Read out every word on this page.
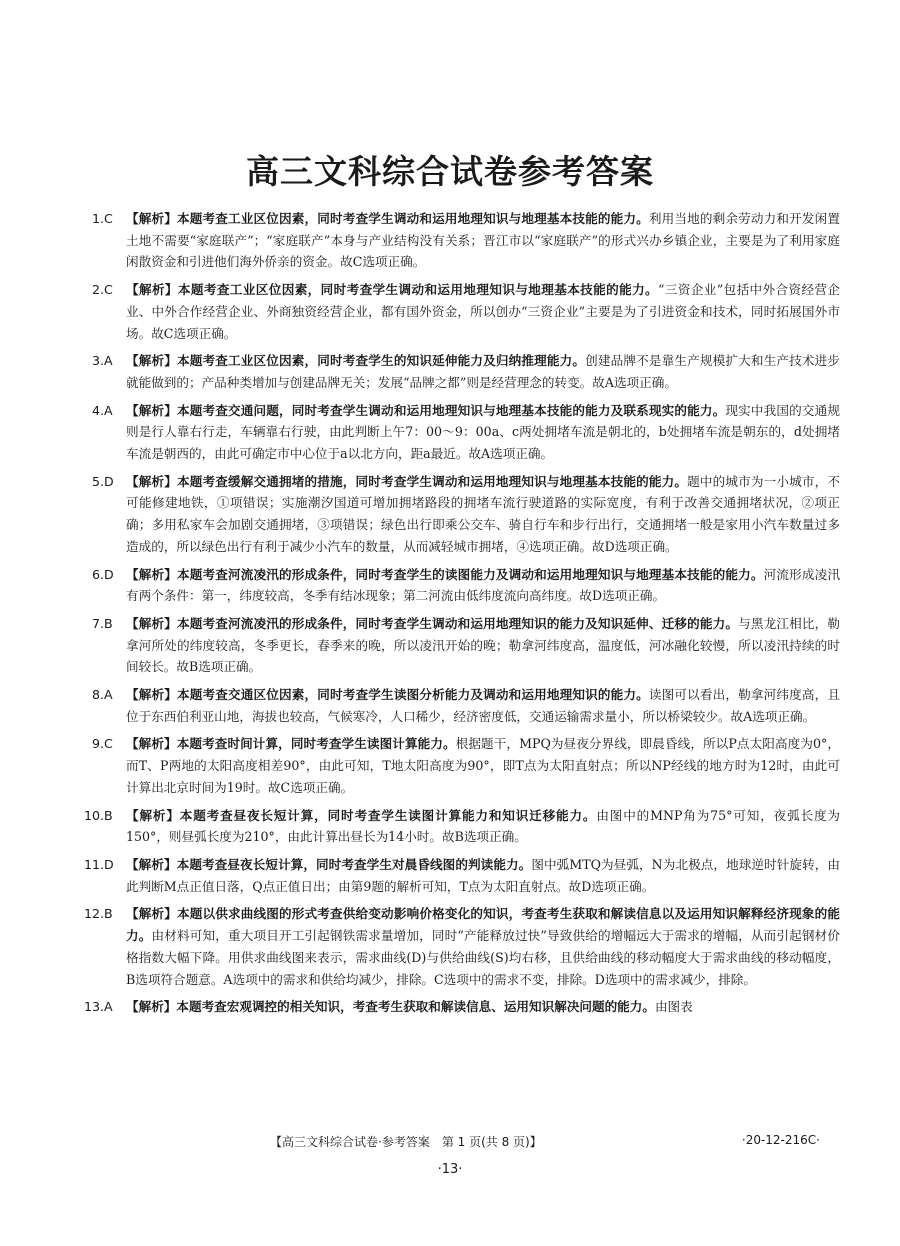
高三文科综合试卷参考答案
1.C	【解析】本题考查工业区位因素，同时考查学生调动和运用地理知识与地理基本技能的能力。利用当地的剩余劳动力和开发闲置土地不需要“家庭联产”；“家庭联产”本身与产业结构没有关系；晋江市以“家庭联产”的形式兴办乡镇企业，主要是为了利用家庭闲散资金和引进他们海外侨亲的资金。故C选项正确。
2.C	【解析】本题考查工业区位因素，同时考查学生调动和运用地理知识与地理基本技能的能力。“三资企业”包括中外合资经营企业、中外合作经营企业、外商独资经营企业，都有国外资金，所以创办“三资企业”主要是为了引进资金和技术，同时拓展国外市场。故C选项正确。
3.A	【解析】本题考查工业区位因素，同时考查学生的知识延伸能力及归纳推理能力。创建品牌不是靠生产规模扩大和生产技术进步就能做到的；产品种类增加与创建品牌无关；发展“品牌之都”则是经营理念的转变。故A选项正确。
4.A	【解析】本题考查交通问题，同时考查学生调动和运用地理知识与地理基本技能的能力及联系现实的能力。现实中我国的交通规则是行人靠右行走，车辆靠右行驶，由此判断上午7：00～9：00a、c两处拥堵车流是朝北的，b处拥堵车流是朝东的，d处拥堵车流是朝西的，由此可确定市中心位于a以北方向，距a最近。故A选项正确。
5.D 【解析】本题考查缓解交通拥堵的措施，同时考查学生调动和运用地理知识与地理基本技能的能力。题中的城市为一小城市，不可能修建地铁，①项错误；实施潮汐国道可增加拥堵路段的拥堵车流行驶道路的实际宽度，有利于改善交通拥堵状况，②项正确；多用私家车会加剧交通拥堵，③项错误；绿色出行即乘公交车、骑自行车和步行出行，交通拥堵一般是家用小汽车数量过多造成的，所以绿色出行有利于减少小汽车的数量，从而减轻城市拥堵，④选项正确。故D选项正确。
6.D 【解析】本题考查河流凌汛的形成条件，同时考查学生的读图能力及调动和运用地理知识与地理基本技能的能力。河流形成凌汛有两个条件：第一，纬度较高，冬季有结冰现象；第二河流由低纬度流向高纬度。故D选项正确。
7.B	【解析】本题考查河流凌汛的形成条件，同时考查学生调动和运用地理知识的能力及知识延伸、迁移的能力。与黑龙江相比，勒拿河所处的纬度较高，冬季更长，春季来的晚，所以凌汛开始的晚；勒拿河纬度高，温度低，河冰融化较慢，所以凌汛持续的时间较长。故B选项正确。
8.A	【解析】本题考查交通区位因素，同时考查学生读图分析能力及调动和运用地理知识的能力。读图可以看出，勒拿河纬度高，且位于东西伯利亚山地，海拔也较高，气候寒冷，人口稀少，经济密度低，交通运输需求量小，所以桥梁较少。故A选项正确。
9.C	【解析】本题考查时间计算，同时考查学生读图计算能力。根据题干，MPQ为昼夜分界线，即晨昏线，所以P点太阳高度为0°，而T、P两地的太阳高度相差90°，由此可知，T地太阳高度为90°，即T点为太阳直射点；所以NP经线的地方时为12时，由此可计算出北京时间为19时。故C选项正确。
10.B	【解析】本题考查昼夜长短计算，同时考查学生读图计算能力和知识迁移能力。由图中的MNP角为75°可知，夜弧长度为150°，则昼弧长度为210°，由此计算出昼长为14小时。故B选项正确。
11.D 【解析】本题考查昼夜长短计算，同时考查学生对晨昏线图的判读能力。图中弧MTQ为昼弧，N为北极点，地球逆时针旋转，由此判断M点正值日落，Q点正值日出；由第9题的解析可知，T点为太阳直射点。故D选项正确。
12.B	【解析】本题以供求曲线图的形式考查供给变动影响价格变化的知识，考查考生获取和解读信息以及运用知识解释经济现象的能力。由材料可知，重大项目开工引起钢铁需求量增加，同时“产能释放过快”导致供给的增幅远大于需求的增幅，从而引起钢材价格指数大幅下降。用供求曲线图来表示，需求曲线(D)与供给曲线(S)均右移，且供给曲线的移动幅度大于需求曲线的移动幅度，B选项符合题意。A选项中的需求和供给均减少，排除。C选项中的需求不变，排除。D选项中的需求减少，排除。
13.A	【解析】本题考查宏观调控的相关知识，考查考生获取和解读信息、运用知识解决问题的能力。由图表
【高三文科综合试卷·参考答案　第 1 页(共 8 页)】	·20-12-216C·
·13·
